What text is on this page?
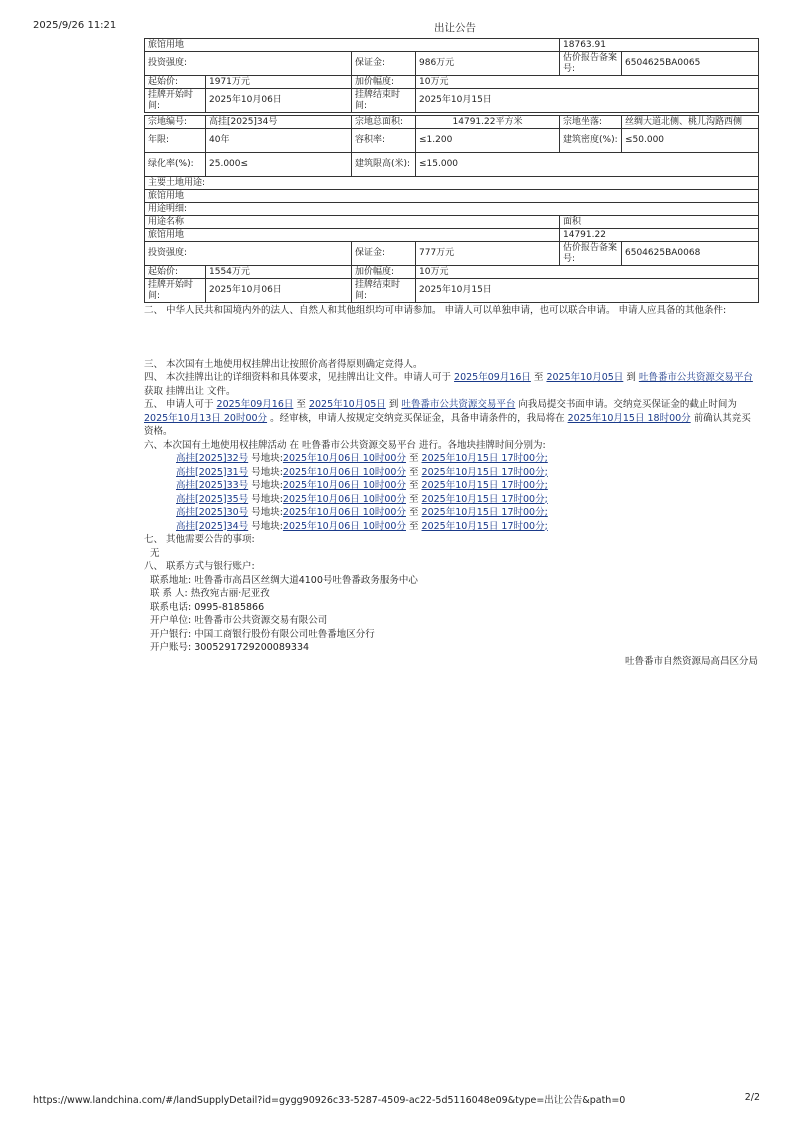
2025/9/26 11:21	出让公告
旅馆用地				18763.91	
投资强度:		保证金:	986万元	估价报告备案号:	6504625BA0065
起始价:	1971万元	加价幅度:	10万元		
挂牌开始时间:	2025年10月06日	挂牌结束时间:	2025年10月15日		
宗地编号:	高挂[2025]34号	宗地总面积:	14791.22平方米	宗地坐落:	丝绸大道北侧、桃儿沟路西侧
年限:	40年	容积率:	≤1.200	建筑密度(%):	≤50.000
绿化率(%):	25.000≤	建筑限高(米):	≤15.000		
主要土地用途:					
旅馆用地					
用途明细:					
用途名称				面积	
旅馆用地				14791.22	
投资强度:		保证金:	777万元	估价报告备案号:	6504625BA0068
起始价:	1554万元	加价幅度:	10万元		
挂牌开始时间:	2025年10月06日	挂牌结束时间:	2025年10月15日		

二、 中华人民共和国境内外的法人、自然人和其他组织均可申请参加。 申请人可以单独申请，也可以联合申请。 申请人应具备的其他条件:

三、 本次国有土地使用权挂牌出让按照价高者得原则确定竞得人。

四、 本次挂牌出让的详细资料和具体要求，见挂牌出让文件。申请人可于 2025年09月16日 至 2025年10月05日 到 吐鲁番市公共资源交易平台 获取 挂牌出让 文件。

五、 申请人可于 2025年09月16日 至 2025年10月05日 到 吐鲁番市公共资源交易平台 向我局提交书面申请。交纳竞买保证金的截止时间为2025年10月13日 20时00分 。经审核，申请人按规定交纳竞买保证金，具备申请条件的，我局将在 2025年10月15日 18时00分 前确认其竞买资格。

六、本次国有土地使用权挂牌活动 在 吐鲁番市公共资源交易平台 进行。各地块挂牌时间分别为:

高挂[2025]32号 号地块:2025年10月06日 10时00分 至 2025年10月15日 17时00分;
高挂[2025]31号 号地块:2025年10月06日 10时00分 至 2025年10月15日 17时00分;
高挂[2025]33号 号地块:2025年10月06日 10时00分 至 2025年10月15日 17时00分;
高挂[2025]35号 号地块:2025年10月06日 10时00分 至 2025年10月15日 17时00分;
高挂[2025]30号 号地块:2025年10月06日 10时00分 至 2025年10月15日 17时00分;
高挂[2025]34号 号地块:2025年10月06日 10时00分 至 2025年10月15日 17时00分;

七、 其他需要公告的事项:

无

八、 联系方式与银行账户:

联系地址: 吐鲁番市高昌区丝绸大道4100号吐鲁番政务服务中心

联 系 人: 热孜宛古丽·尼亚孜

联系电话: 0995-8185866

开户单位: 吐鲁番市公共资源交易有限公司

开户银行: 中国工商银行股份有限公司吐鲁番地区分行

开户账号: 3005291729200089334

吐鲁番市自然资源局高昌区分局

https://www.landchina.com/#/landSupplyDetail?id=gygg90926c33-5287-4509-ac22-5d5116048e09&type=出让公告&path=0	2/2
